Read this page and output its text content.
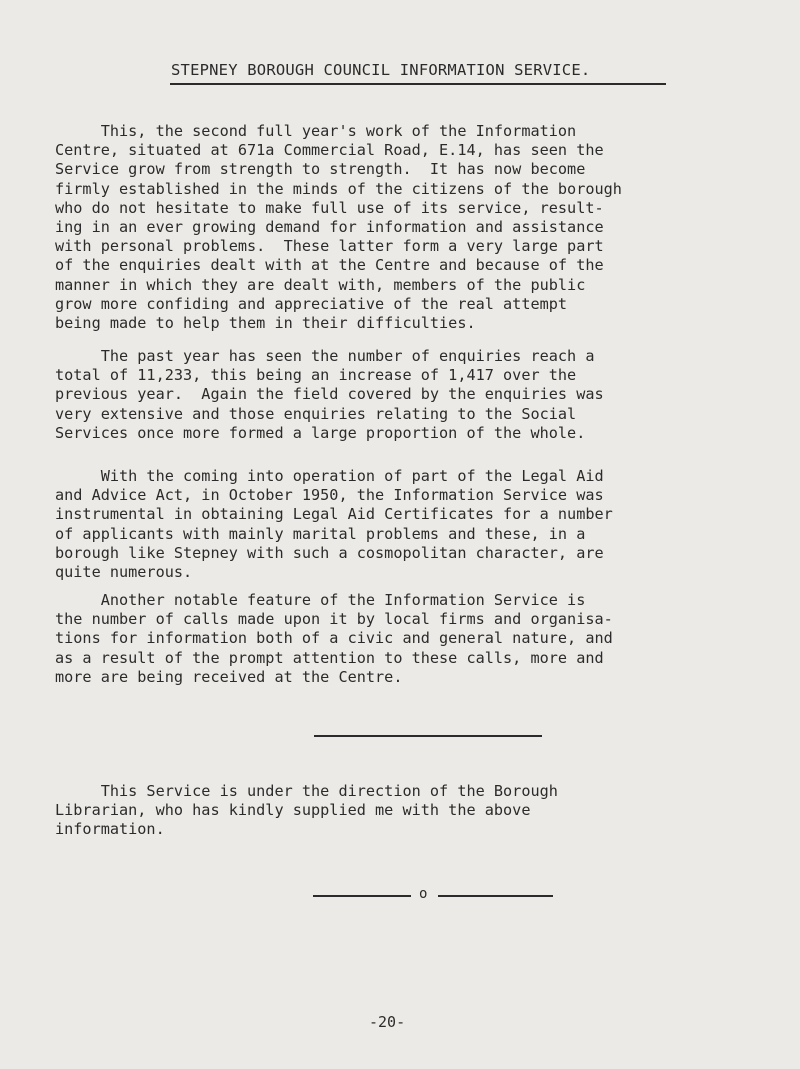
STEPNEY BOROUGH COUNCIL INFORMATION SERVICE.
This, the second full year's work of the Information
Centre, situated at 671a Commercial Road, E.14, has seen the
Service grow from strength to strength.  It has now become
firmly established in the minds of the citizens of the borough
who do not hesitate to make full use of its service, result-
ing in an ever growing demand for information and assistance
with personal problems.  These latter form a very large part
of the enquiries dealt with at the Centre and because of the
manner in which they are dealt with, members of the public
grow more confiding and appreciative of the real attempt
being made to help them in their difficulties.
The past year has seen the number of enquiries reach a
total of 11,233, this being an increase of 1,417 over the
previous year.  Again the field covered by the enquiries was
very extensive and those enquiries relating to the Social
Services once more formed a large proportion of the whole.
With the coming into operation of part of the Legal Aid
and Advice Act, in October 1950, the Information Service was
instrumental in obtaining Legal Aid Certificates for a number
of applicants with mainly marital problems and these, in a
borough like Stepney with such a cosmopolitan character, are
quite numerous.
Another notable feature of the Information Service is
the number of calls made upon it by local firms and organisa-
tions for information both of a civic and general nature, and
as a result of the prompt attention to these calls, more and
more are being received at the Centre.
This Service is under the direction of the Borough
Librarian, who has kindly supplied me with the above
information.
o
-20-
